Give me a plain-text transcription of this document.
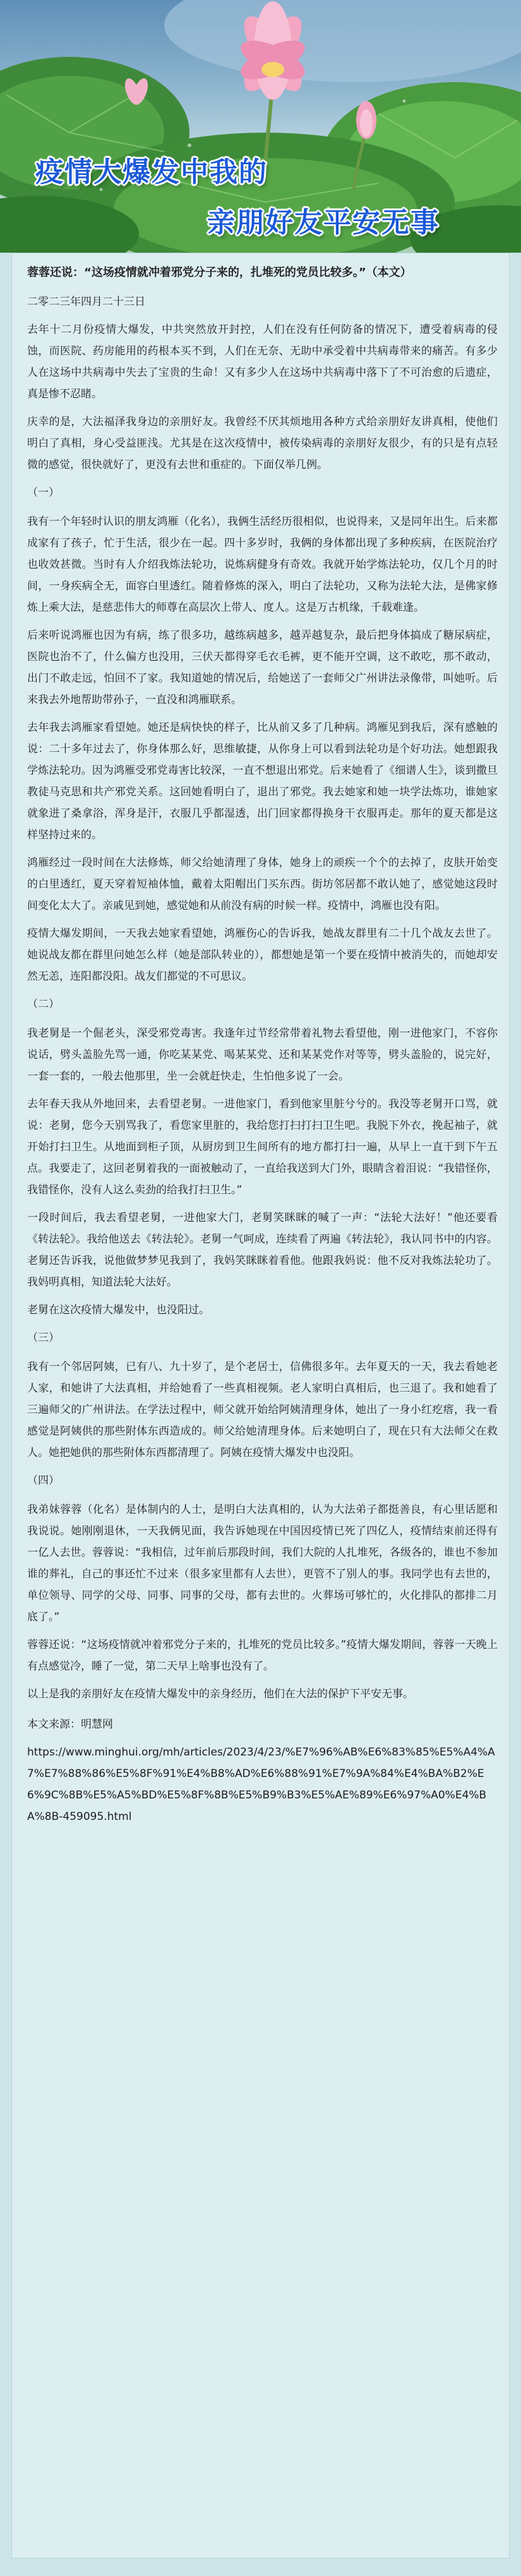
疫情大爆发中我的
亲朋好友平安无事

蓉蓉还说：“这场疫情就冲着邪党分子来的，扎堆死的党员比较多。”（本文）

二零二三年四月二十三日

去年十二月份疫情大爆发，中共突然放开封控，人们在没有任何防备的情况下，遭受着病毒的侵蚀，而医院、药房能用的药根本买不到，人们在无奈、无助中承受着中共病毒带来的痛苦。有多少人在这场中共病毒中失去了宝贵的生命！又有多少人在这场中共病毒中落下了不可治愈的后遗症，真是惨不忍睹。

庆幸的是，大法福泽我身边的亲朋好友。我曾经不厌其烦地用各种方式给亲朋好友讲真相，使他们明白了真相，身心受益匪浅。尤其是在这次疫情中，被传染病毒的亲朋好友很少，有的只是有点轻微的感觉，很快就好了，更没有去世和重症的。下面仅举几例。

（一）

我有一个年轻时认识的朋友鸿雁（化名），我俩生活经历很相似，也说得来，又是同年出生。后来都成家有了孩子，忙于生活，很少在一起。四十多岁时，我俩的身体都出现了多种疾病，在医院治疗也收效甚微。当时有人介绍我炼法轮功，说炼病健身有奇效。我就开始学炼法轮功，仅几个月的时间，一身疾病全无，面容白里透红。随着修炼的深入，明白了法轮功，又称为法轮大法，是佛家修炼上乘大法，是慈悲伟大的师尊在高层次上带人、度人。这是万古机缘，千载难逢。

后来听说鸿雁也因为有病，练了很多功，越练病越多，越弄越复杂，最后把身体搞成了糖尿病症，医院也治不了，什么偏方也没用，三伏天都得穿毛衣毛裤，更不能开空调，这不敢吃，那不敢动，出门不敢走远，怕回不了家。我知道她的情况后，给她送了一套师父广州讲法录像带，叫她听。后来我去外地帮助带孙子，一直没和鸿雁联系。

去年我去鸿雁家看望她。她还是病快快的样子，比从前又多了几种病。鸿雁见到我后，深有感触的说：二十多年过去了，你身体那么好，思维敏捷，从你身上可以看到法轮功是个好功法。她想跟我学炼法轮功。因为鸿雁受邪党毒害比较深，一直不想退出邪党。后来她看了《细谱人生》，谈到撒旦教徒马克思和共产邪党关系。这回她看明白了，退出了邪党。我去她家和她一块学法炼功，谁她家就象进了桑拿浴，浑身是汗，衣服几乎都湿透，出门回家都得换身干衣服再走。那年的夏天都是这样坚持过来的。

鸿雁经过一段时间在大法修炼，师父给她清理了身体，她身上的顽疾一个个的去掉了，皮肤开始变的白里透红，夏天穿着短袖体恤，戴着太阳帽出门买东西。街坊邻居都不敢认她了，感觉她这段时间变化太大了。亲戚见到她，感觉她和从前没有病的时候一样。疫情中，鸿雁也没有阳。

疫情大爆发期间，一天我去她家看望她，鸿雁伤心的告诉我，她战友群里有二十几个战友去世了。她说战友都在群里问她怎么样（她是部队转业的），都想她是第一个要在疫情中被消失的，而她却安然无恙，连阳都没阳。战友们都觉的不可思议。

（二）

我老舅是一个倔老头，深受邪党毒害。我逢年过节经常带着礼物去看望他，刚一进他家门，不容你说话，劈头盖脸先骂一通，你吃某某党、喝某某党、还和某某党作对等等，劈头盖脸的，说完好，一套一套的，一般去他那里，坐一会就赶快走，生怕他多说了一会。

去年春天我从外地回来，去看望老舅。一进他家门，看到他家里脏兮兮的。我没等老舅开口骂，就说：老舅，您今天别骂我了，看您家里脏的，我给您打扫打扫卫生吧。我脱下外衣，挽起袖子，就开始打扫卫生。从地面到柜子顶，从厨房到卫生间所有的地方都打扫一遍，从早上一直干到下午五点。我要走了，这回老舅着我的一面被触动了，一直给我送到大门外，眼睛含着泪说：“我错怪你，我错怪你，没有人这么卖劲的给我打扫卫生。”

一段时间后，我去看望老舅，一进他家大门，老舅笑眯眯的喊了一声：“法轮大法好！”他还要看《转法轮》。我给他送去《转法轮》。老舅一气呵成，连续看了两遍《转法轮》，我认同书中的内容。老舅还告诉我，说他做梦梦见我到了，我妈笑眯眯着看他。他跟我妈说：他不反对我炼法轮功了。我妈明真相，知道法轮大法好。

老舅在这次疫情大爆发中，也没阳过。

（三）

我有一个邻居阿姨，已有八、九十岁了，是个老居士，信佛很多年。去年夏天的一天，我去看她老人家，和她讲了大法真相，并给她看了一些真相视频。老人家明白真相后，也三退了。我和她看了三遍师父的广州讲法。在学法过程中，师父就开始给阿姨清理身体，她出了一身小红疙瘩，我一看感觉是阿姨供的那些附体东西造成的。师父给她清理身体。后来她明白了，现在只有大法师父在救人。她把她供的那些附体东西都清理了。阿姨在疫情大爆发中也没阳。

（四）

我弟妹蓉蓉（化名）是体制内的人士，是明白大法真相的，认为大法弟子都挺善良，有心里话愿和我说说。她刚刚退休，一天我俩见面，我告诉她现在中国因疫情已死了四亿人，疫情结束前还得有一亿人去世。蓉蓉说：“我相信，过年前后那段时间，我们大院的人扎堆死，各级各的，谁也不参加谁的葬礼，自己的事还忙不过来（很多家里都有人去世），更管不了别人的事。我同学也有去世的，单位领导、同学的父母、同事、同事的父母，都有去世的。火葬场可够忙的，火化排队的都排二月底了。”

蓉蓉还说：“这场疫情就冲着邪党分子来的，扎堆死的党员比较多。”疫情大爆发期间，蓉蓉一天晚上有点感觉冷，睡了一觉，第二天早上啥事也没有了。

以上是我的亲朋好友在疫情大爆发中的亲身经历，他们在大法的保护下平安无事。

本文来源：明慧网

https://www.minghui.org/mh/articles/2023/4/23/%E7%96%AB%E6%83%85%E5%A4%A7%E7%88%86%E5%8F%91%E4%B8%AD%E6%88%91%E7%9A%84%E4%BA%B2%E6%9C%8B%E5%A5%BD%E5%8F%8B%E5%B9%B3%E5%AE%89%E6%97%A0%E4%BA%8B-459095.html
